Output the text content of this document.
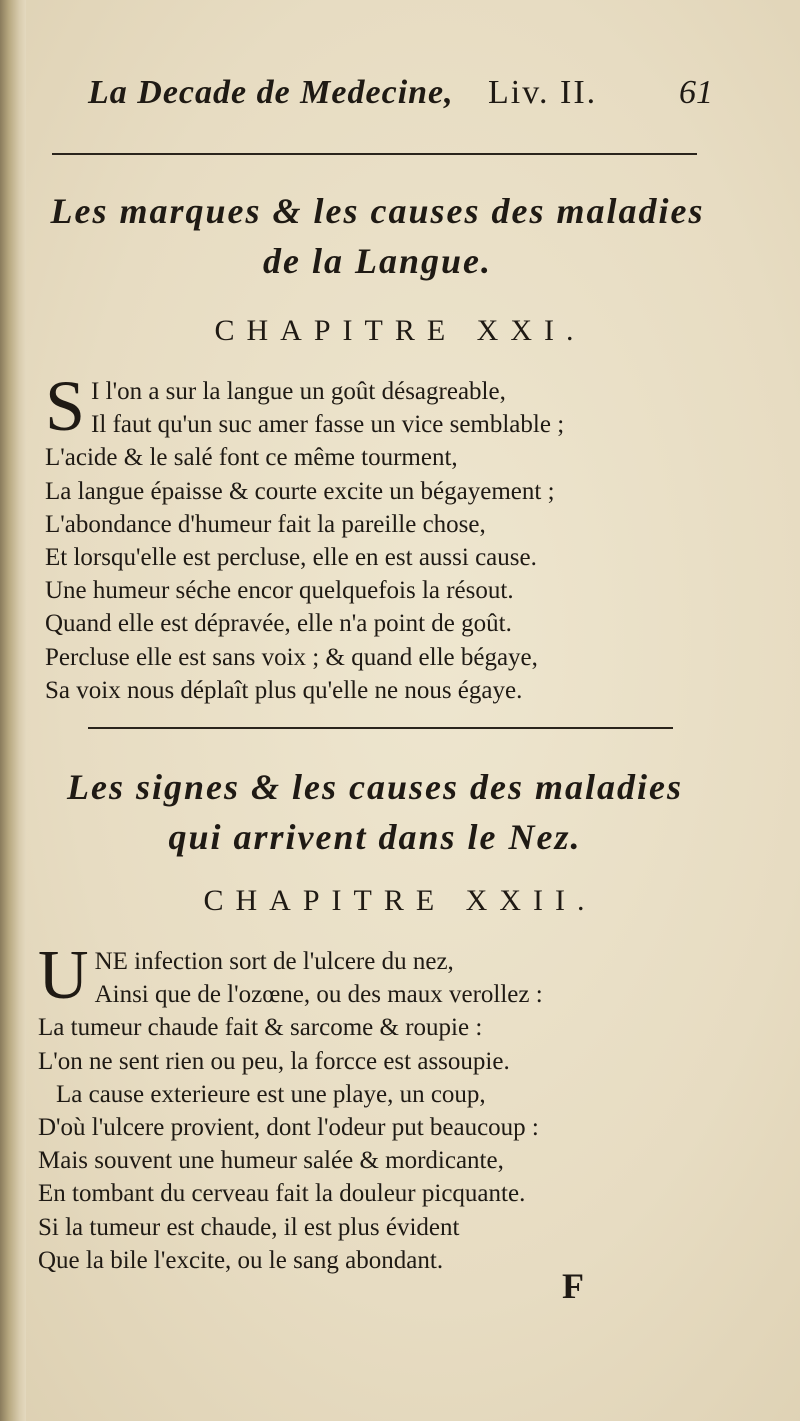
La Decade de Medecine, Liv. II. 61
Les marques & les causes des maladies
de la Langue.
CHAPITRE XXI.
S I l'on a sur la langue un goût désagreable,
Il faut qu'un suc amer fasse un vice semblable ;
L'acide & le salé font ce même tourment,
La langue épaisse & courte excite un bégayement ;
L'abondance d'humeur fait la pareille chose,
Et lorsqu'elle est percluse, elle en est aussi cause.
Une humeur séche encor quelquefois la résout.
Quand elle est dépravée, elle n'a point de goût.
Percluse elle est sans voix ; & quand elle bégaye,
Sa voix nous déplaît plus qu'elle ne nous égaye.
Les signes & les causes des maladies
qui arrivent dans le Nez.
CHAPITRE XXII.
U NE infection sort de l'ulcere du nez,
Ainsi que de l'ozœne, ou des maux verollez :
La tumeur chaude fait & sarcome & roupie :
L'on ne sent rien ou peu, la forcce est assoupie.
La cause exterieure est une playe, un coup,
D'où l'ulcere provient, dont l'odeur put beaucoup :
Mais souvent une humeur salée & mordicante,
En tombant du cerveau fait la douleur picquante.
Si la tumeur est chaude, il est plus évident
Que la bile l'excite, ou le sang abondant.
F
